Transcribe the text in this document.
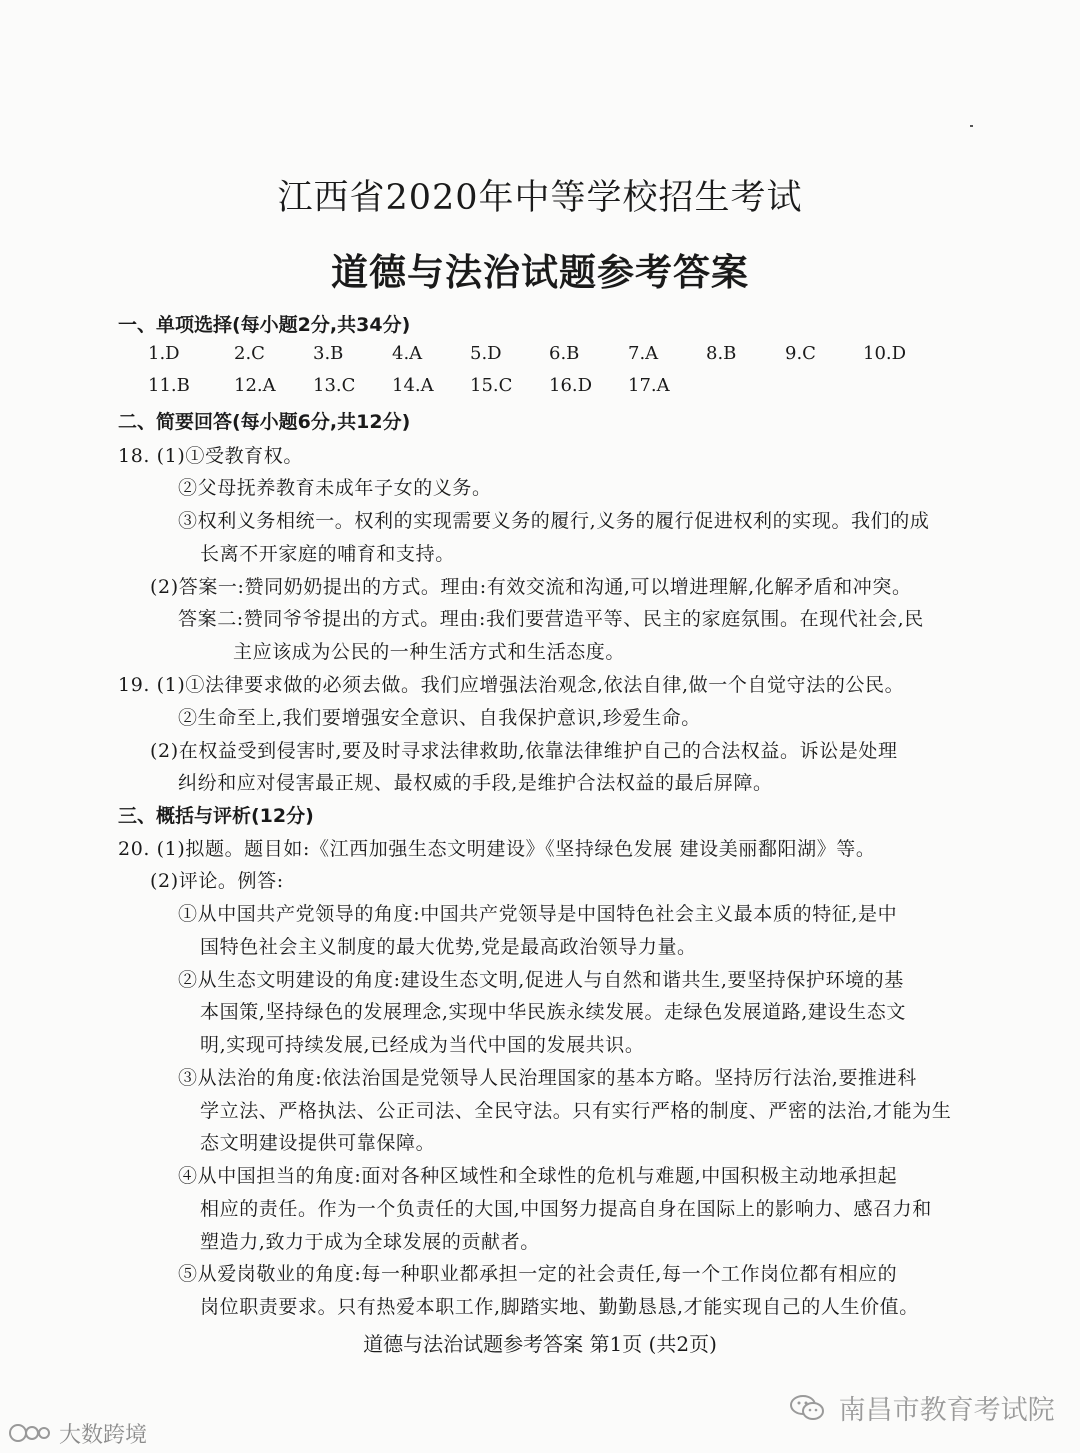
江西省2020年中等学校招生考试
道德与法治试题参考答案
一、单项选择(每小题2分,共34分)
1.D	2.C	3.B	4.A	5.D	6.B	7.A	8.B	9.C	10.D
11.B 12.A 13.C 14.A 15.C 16.D 17.A
二、简要回答(每小题6分,共12分)
18. (1)①受教育权。
②父母抚养教育未成年子女的义务。
③权利义务相统一。权利的实现需要义务的履行,义务的履行促进权利的实现。我们的成
长离不开家庭的哺育和支持。
(2)答案一:赞同奶奶提出的方式。理由:有效交流和沟通,可以增进理解,化解矛盾和冲突。
答案二:赞同爷爷提出的方式。理由:我们要营造平等、民主的家庭氛围。在现代社会,民
主应该成为公民的一种生活方式和生活态度。
19. (1)①法律要求做的必须去做。我们应增强法治观念,依法自律,做一个自觉守法的公民。
②生命至上,我们要增强安全意识、自我保护意识,珍爱生命。
(2)在权益受到侵害时,要及时寻求法律救助,依靠法律维护自己的合法权益。诉讼是处理
纠纷和应对侵害最正规、最权威的手段,是维护合法权益的最后屏障。
三、概括与评析(12分)
20. (1)拟题。题目如:《江西加强生态文明建设》《坚持绿色发展 建设美丽鄱阳湖》等。
(2)评论。例答:
①从中国共产党领导的角度:中国共产党领导是中国特色社会主义最本质的特征,是中
国特色社会主义制度的最大优势,党是最高政治领导力量。
②从生态文明建设的角度:建设生态文明,促进人与自然和谐共生,要坚持保护环境的基
本国策,坚持绿色的发展理念,实现中华民族永续发展。走绿色发展道路,建设生态文
明,实现可持续发展,已经成为当代中国的发展共识。
③从法治的角度:依法治国是党领导人民治理国家的基本方略。坚持厉行法治,要推进科
学立法、严格执法、公正司法、全民守法。只有实行严格的制度、严密的法治,才能为生
态文明建设提供可靠保障。
④从中国担当的角度:面对各种区域性和全球性的危机与难题,中国积极主动地承担起
相应的责任。作为一个负责任的大国,中国努力提高自身在国际上的影响力、感召力和
塑造力,致力于成为全球发展的贡献者。
⑤从爱岗敬业的角度:每一种职业都承担一定的社会责任,每一个工作岗位都有相应的
岗位职责要求。只有热爱本职工作,脚踏实地、勤勤恳恳,才能实现自己的人生价值。
道德与法治试题参考答案 第1页 (共2页)
大数跨境
南昌市教育考试院
